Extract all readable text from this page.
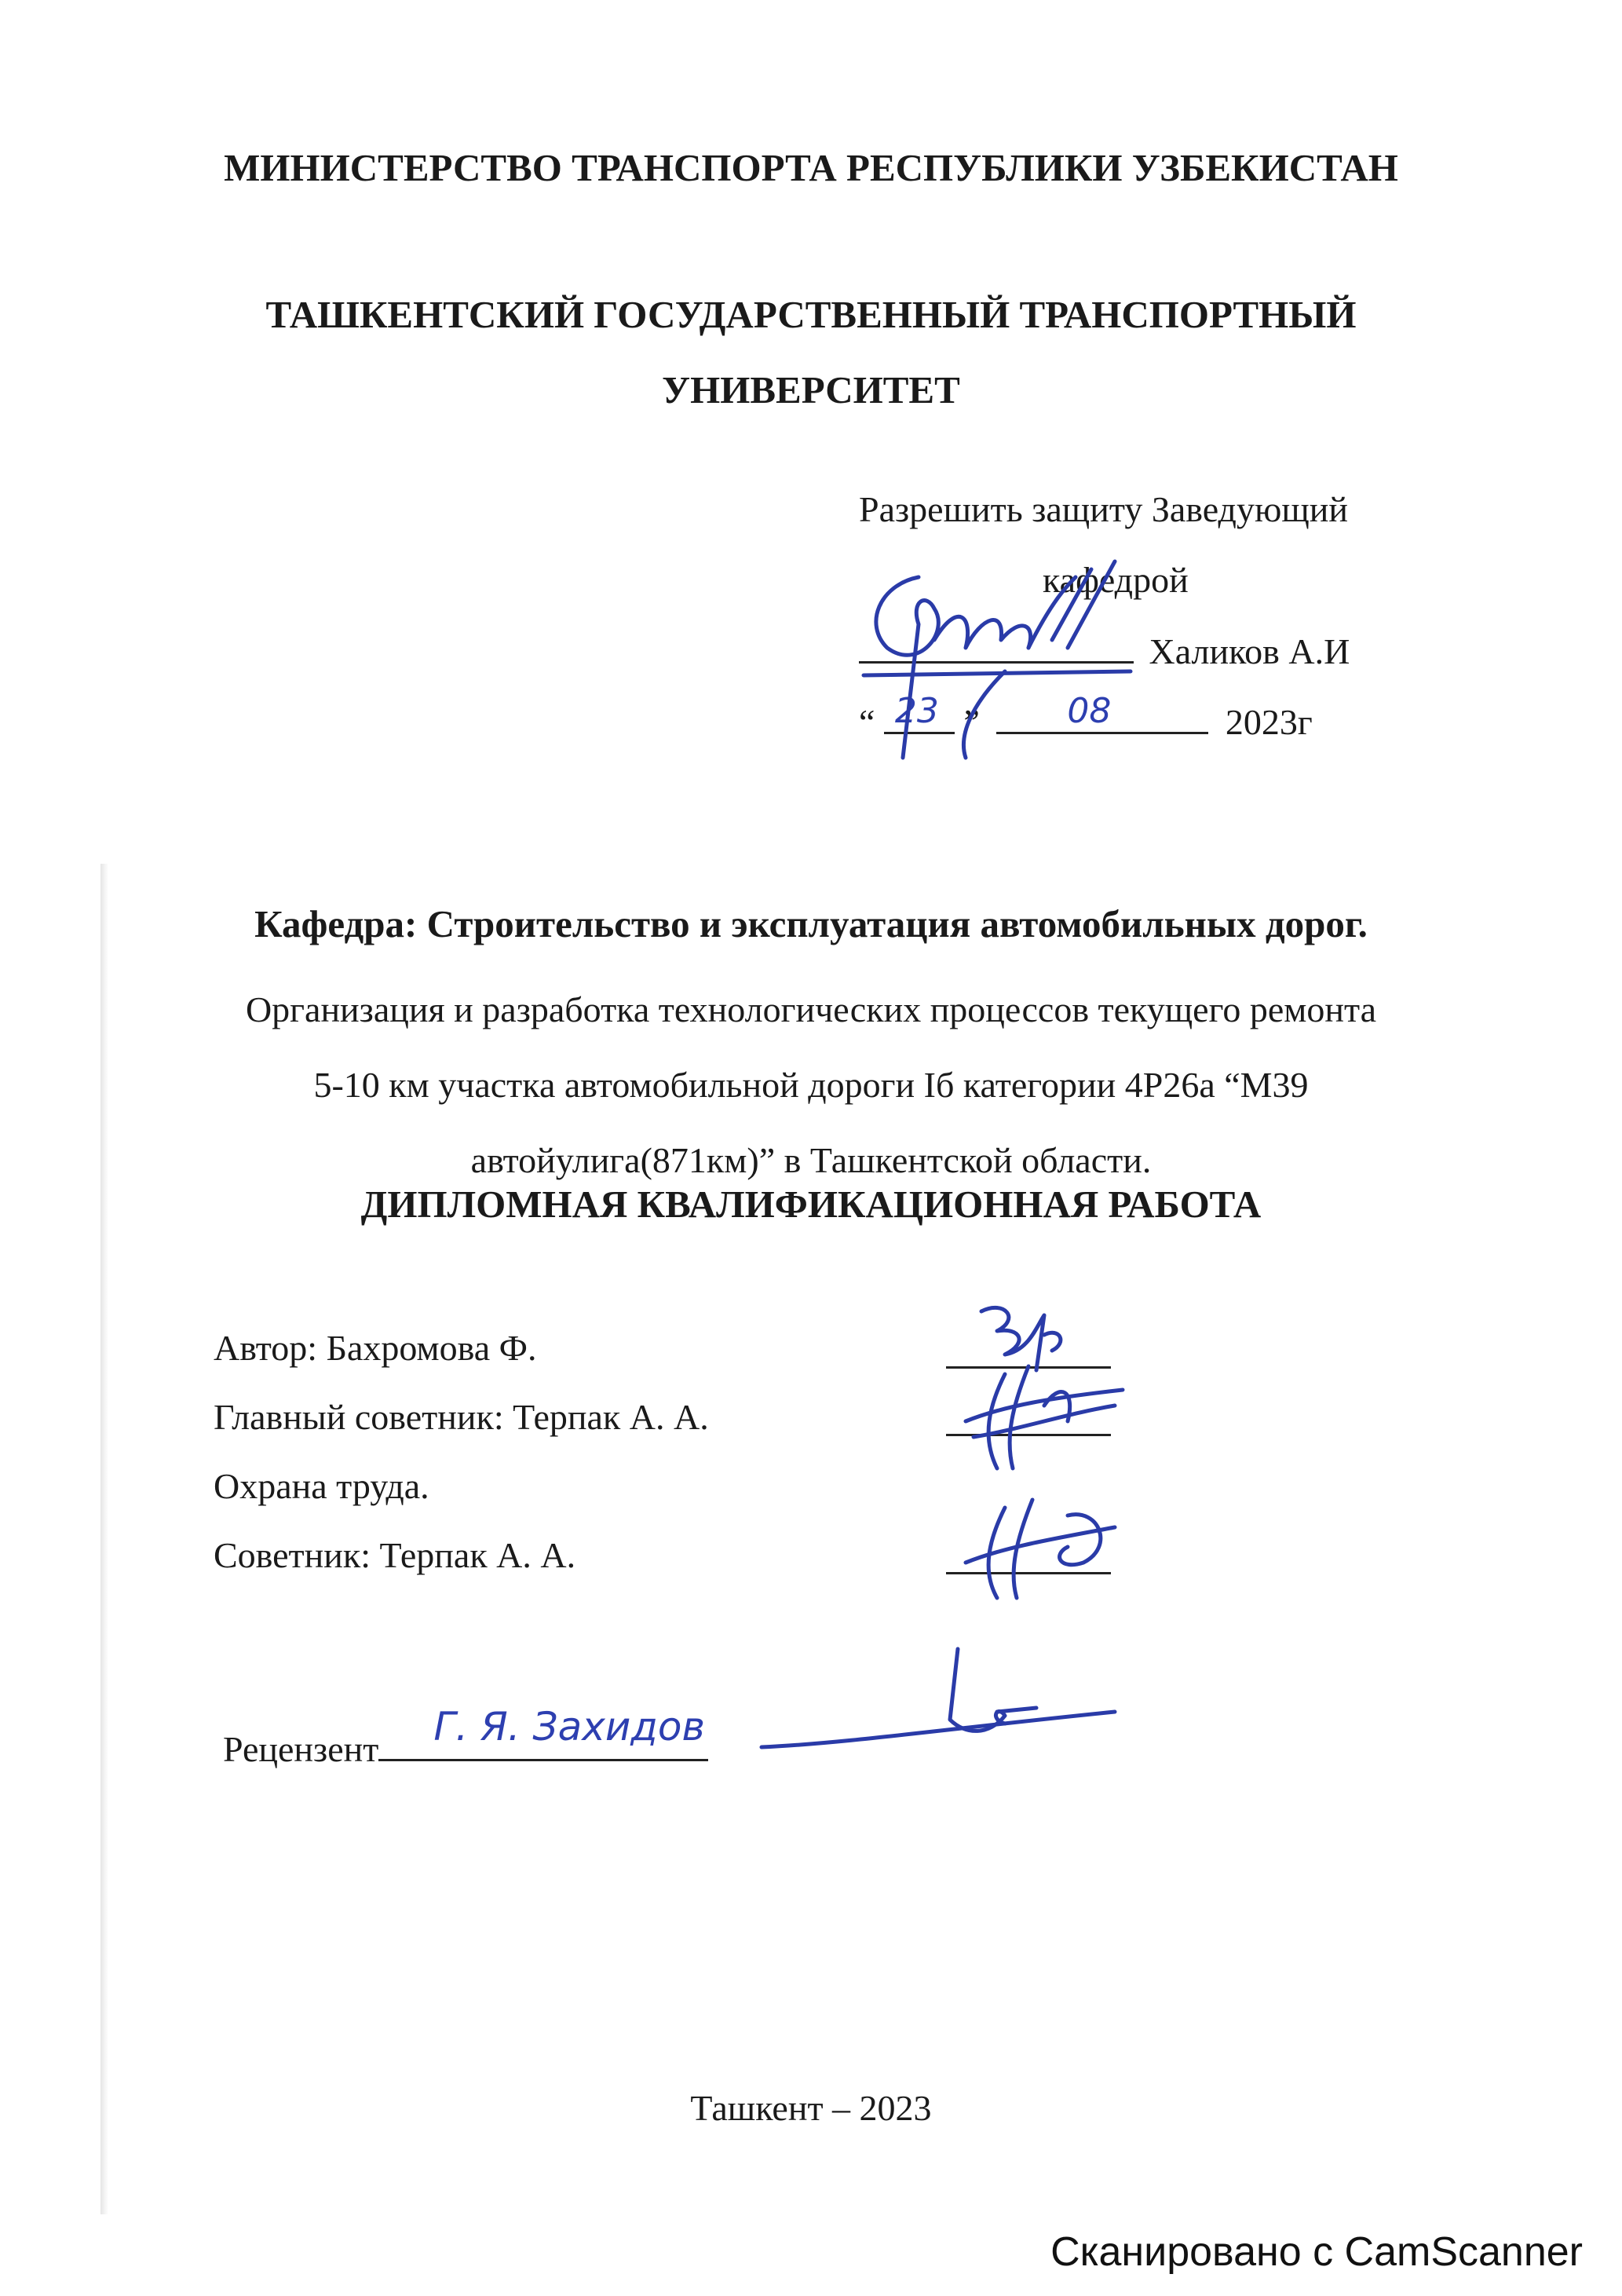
МИНИСТЕРСТВО ТРАНСПОРТА РЕСПУБЛИКИ УЗБЕКИСТАН
ТАШКЕНТСКИЙ ГОСУДАРСТВЕННЫЙ ТРАНСПОРТНЫЙ
УНИВЕРСИТЕТ
Разрешить защиту Заведующий
кафедрой
Халиков А.И
“ 23 ”	08	2023г
Кафедра: Строительство и эксплуатация автомобильных дорог.
Организация и разработка технологических процессов текущего ремонта
5-10 км участка автомобильной дороги Iб категории 4Р26а “М39
автойулига(871км)” в Ташкентской области.
ДИПЛОМНАЯ КВАЛИФИКАЦИОННАЯ РАБОТА
Автор: Бахромова Ф.
Главный советник: Терпак А. А.
Охрана труда.
Советник: Терпак А. А.
Рецензент Г. Я. Захидов
Ташкент – 2023
Сканировано с CamScanner
